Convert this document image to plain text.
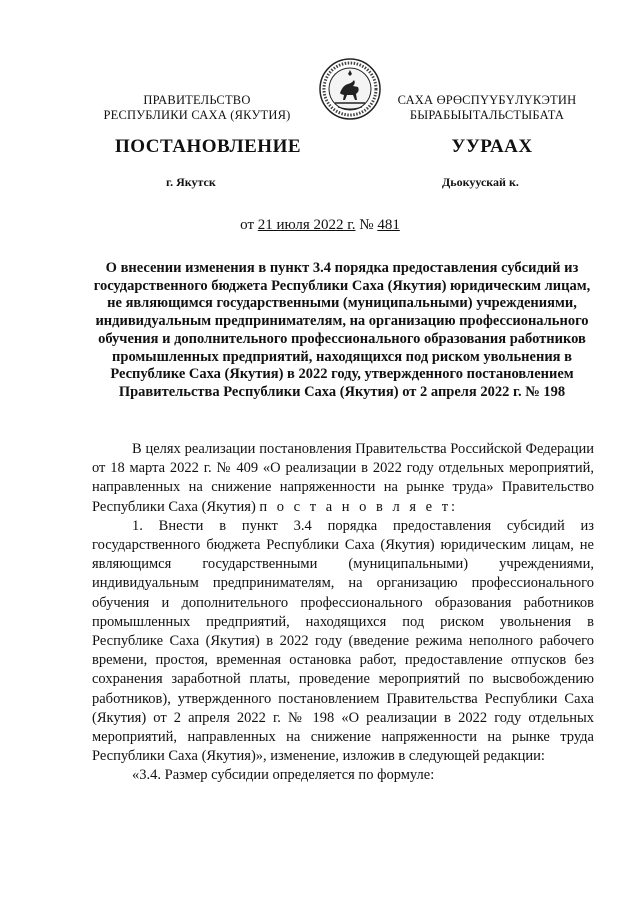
ПРАВИТЕЛЬСТВО
РЕСПУБЛИКИ САХА (ЯКУТИЯ)
САХА ӨРӨСПҮҮБҮЛҮКЭТИН
БЫРАБЫЫТАЛЬСТЫБАТА
ПОСТАНОВЛЕНИЕ	УУРААХ
г. Якутск	Дьокуускай к.
от 21 июля 2022 г. № 481
О внесении изменения в пункт 3.4 порядка предоставления субсидий из государственного бюджета Республики Саха (Якутия) юридическим лицам, не являющимся государственными (муниципальными) учреждениями, индивидуальным предпринимателям, на организацию профессионального обучения и дополнительного профессионального образования работников промышленных предприятий, находящихся под риском увольнения в Республике Саха (Якутия) в 2022 году, утвержденного постановлением Правительства Республики Саха (Якутия) от 2 апреля 2022 г. № 198

В целях реализации постановления Правительства Российской Федерации от 18 марта 2022 г. № 409 «О реализации в 2022 году отдельных мероприятий, направленных на снижение напряженности на рынке труда» Правительство Республики Саха (Якутия) п о с т а н о в л я е т:

1. Внести в пункт 3.4 порядка предоставления субсидий из государственного бюджета Республики Саха (Якутия) юридическим лицам, не являющимся государственными (муниципальными) учреждениями, индивидуальным предпринимателям, на организацию профессионального обучения и дополнительного профессионального образования работников промышленных предприятий, находящихся под риском увольнения в Республике Саха (Якутия) в 2022 году (введение режима неполного рабочего времени, простоя, временная остановка работ, предоставление отпусков без сохранения заработной платы, проведение мероприятий по высвобождению работников), утвержденного постановлением Правительства Республики Саха (Якутия) от 2 апреля 2022 г. № 198 «О реализации в 2022 году отдельных мероприятий, направленных на снижение напряженности на рынке труда Республики Саха (Якутия)», изменение, изложив в следующей редакции:

«3.4. Размер субсидии определяется по формуле:
